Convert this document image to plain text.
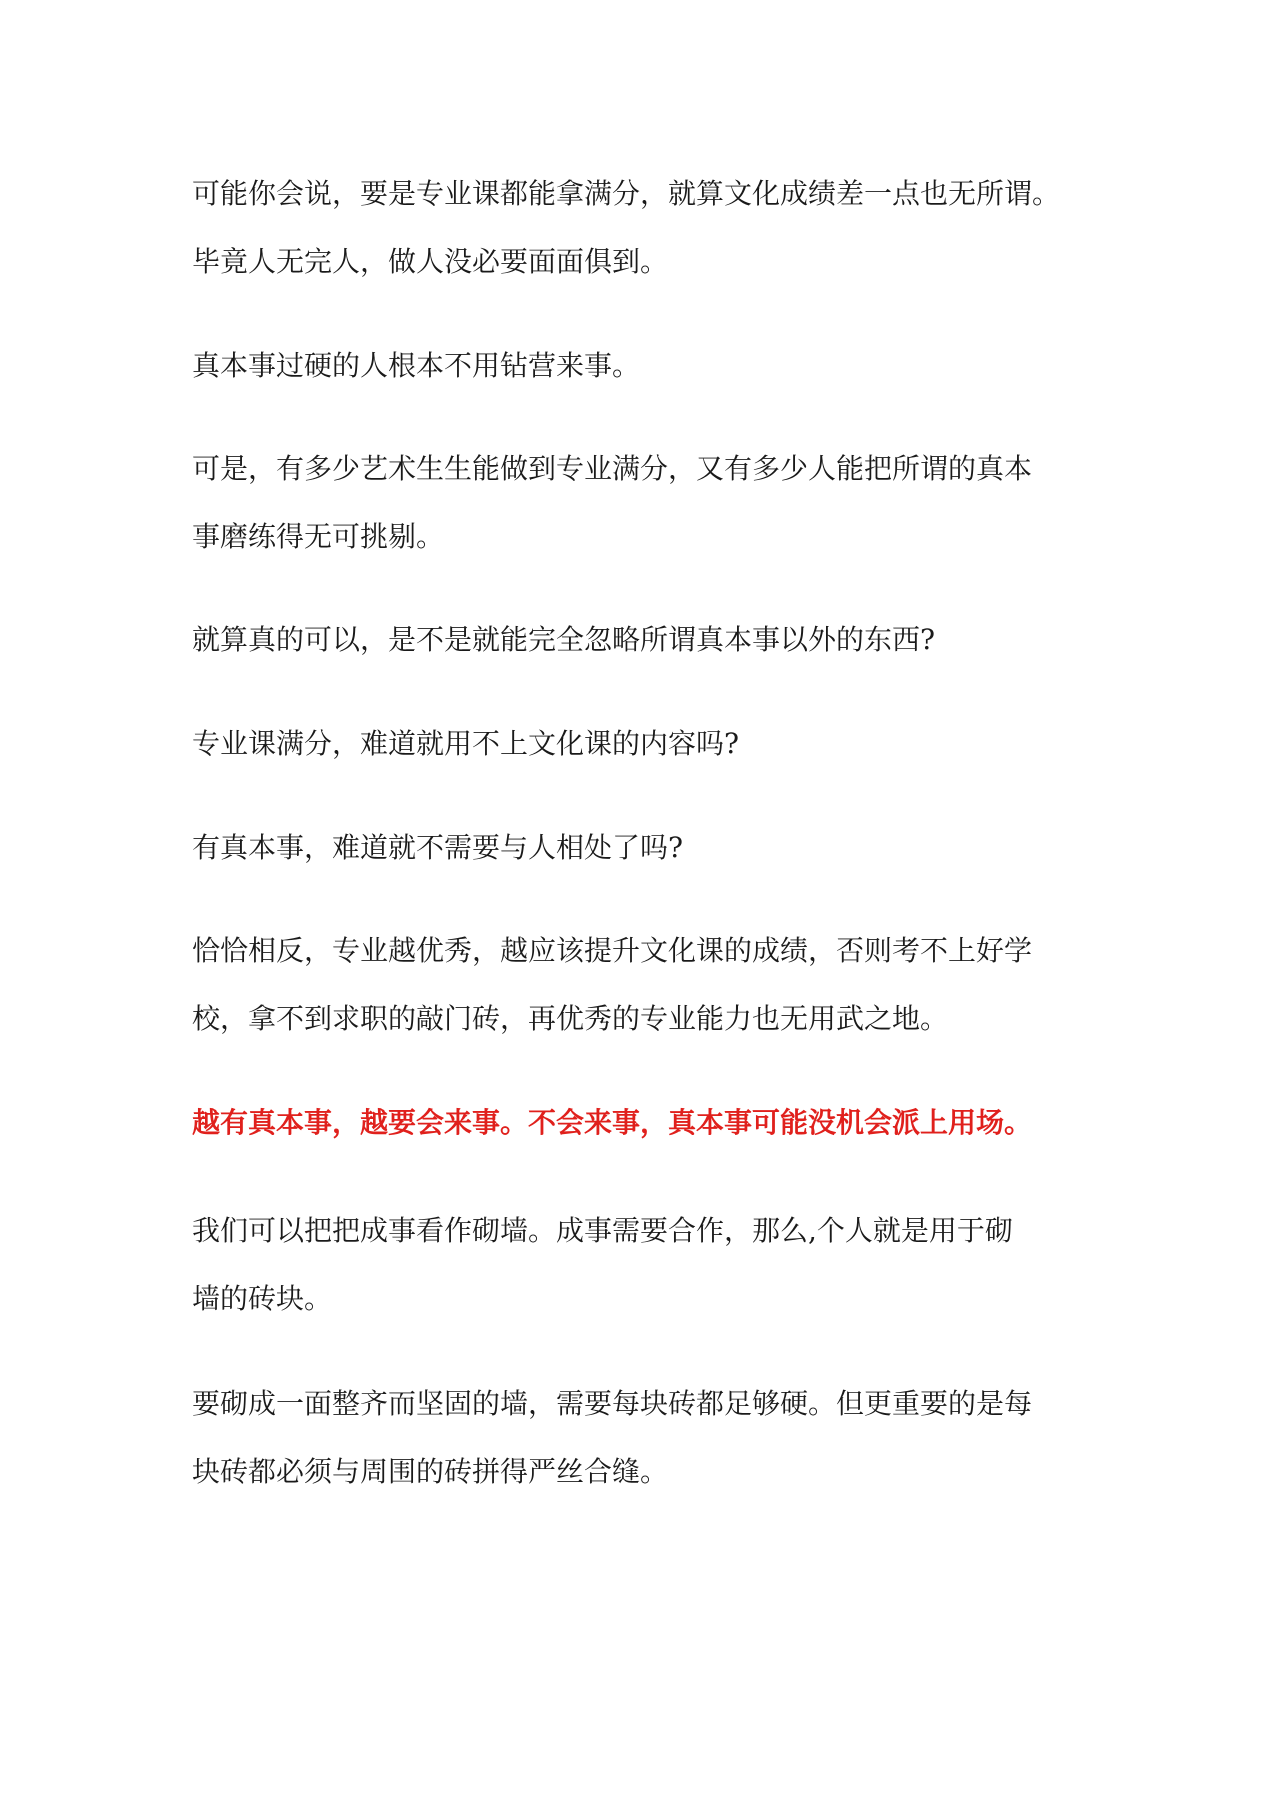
可能你会说，要是专业课都能拿满分，就算文化成绩差一点也无所谓。
毕竟人无完人，做人没必要面面俱到。

真本事过硬的人根本不用钻营来事。

可是，有多少艺术生生能做到专业满分，又有多少人能把所谓的真本
事磨练得无可挑剔。

就算真的可以，是不是就能完全忽略所谓真本事以外的东西?

专业课满分，难道就用不上文化课的内容吗?

有真本事，难道就不需要与人相处了吗?

恰恰相反，专业越优秀，越应该提升文化课的成绩，否则考不上好学
校，拿不到求职的敲门砖，再优秀的专业能力也无用武之地。

越有真本事，越要会来事。不会来事，真本事可能没机会派上用场。

我们可以把把成事看作砌墙。成事需要合作，那么,个人就是用于砌
墙的砖块。

要砌成一面整齐而坚固的墙，需要每块砖都足够硬。但更重要的是每
块砖都必须与周围的砖拼得严丝合缝。
